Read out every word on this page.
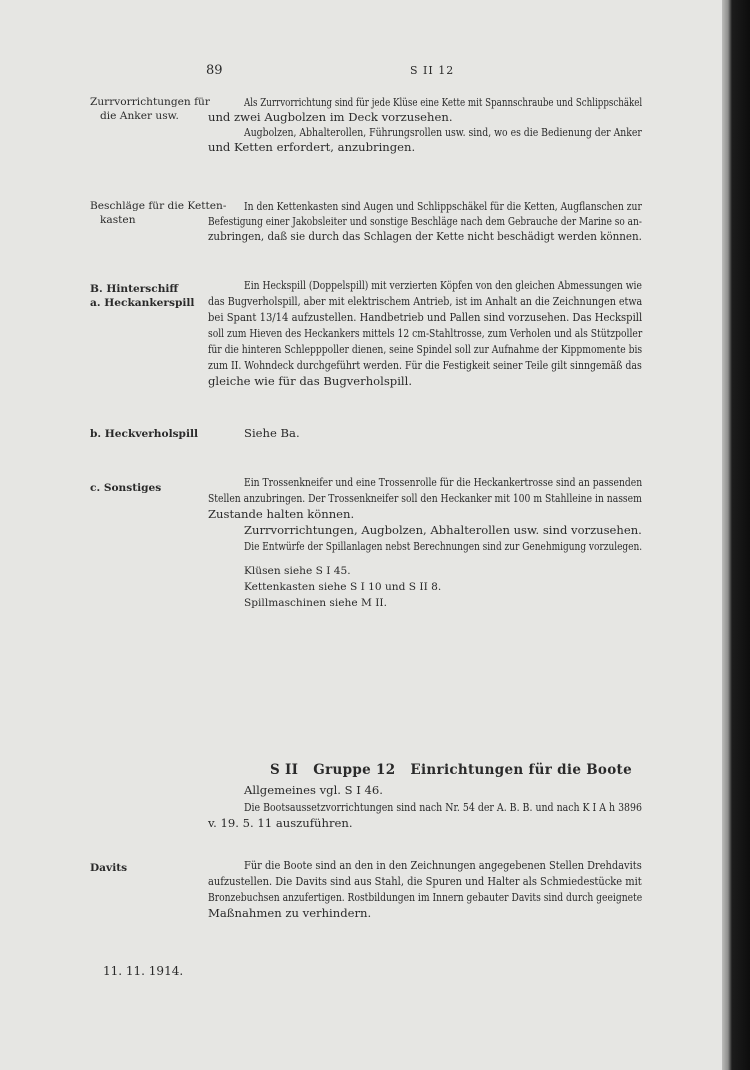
89	S II 12
Zurrvorrichtungen für
die Anker usw.
Als Zurrvorrichtung sind für jede Klüse eine Kette mit Spannschraube und Schlippschäkel
und zwei Augbolzen im Deck vorzusehen.
Augbolzen, Abhalterollen, Führungsrollen usw. sind, wo es die Bedienung der Anker
und Ketten erfordert, anzubringen.
Beschläge für die Ketten-
kasten
In den Kettenkasten sind Augen und Schlippschäkel für die Ketten, Augflanschen zur
Befestigung einer Jakobsleiter und sonstige Beschläge nach dem Gebrauche der Marine so an-
zubringen, daß sie durch das Schlagen der Kette nicht beschädigt werden können.
B. Hinterschiff
a. Heckankerspill
Ein Heckspill (Doppelspill) mit verzierten Köpfen von den gleichen Abmessungen wie
das Bugverholspill, aber mit elektrischem Antrieb, ist im Anhalt an die Zeichnungen etwa
bei Spant 13/14 aufzustellen. Handbetrieb und Pallen sind vorzusehen. Das Heckspill
soll zum Hieven des Heckankers mittels 12 cm-Stahltrosse, zum Verholen und als Stützpoller
für die hinteren Schlepppoller dienen, seine Spindel soll zur Aufnahme der Kippmomente bis
zum II. Wohndeck durchgeführt werden. Für die Festigkeit seiner Teile gilt sinngemäß das
gleiche wie für das Bugverholspill.
b. Heckverholspill	Siehe Ba.
c. Sonstiges	Ein Trossenkneifer und eine Trossenrolle für die Heckankertrosse sind an passenden
Stellen anzubringen. Der Trossenkneifer soll den Heckanker mit 100 m Stahlleine in nassem
Zustande halten können.
Zurrvorrichtungen, Augbolzen, Abhalterollen usw. sind vorzusehen.
Die Entwürfe der Spillanlagen nebst Berechnungen sind zur Genehmigung vorzulegen.
Klüsen siehe S I 45.
Kettenkasten siehe S I 10 und S II 8.
Spillmaschinen siehe M II.
S II Gruppe 12 Einrichtungen für die Boote
Allgemeines vgl. S I 46.
Die Bootsaussetzvorrichtungen sind nach Nr. 54 der A. B. B. und nach K I A h 3896
v. 19. 5. 11 auszuführen.
Davits	Für die Boote sind an den in den Zeichnungen angegebenen Stellen Drehdavits
aufzustellen. Die Davits sind aus Stahl, die Spuren und Halter als Schmiedestücke mit
Bronzebuchsen anzufertigen. Rostbildungen im Innern gebauter Davits sind durch geeignete
Maßnahmen zu verhindern.
11. 11. 1914.
